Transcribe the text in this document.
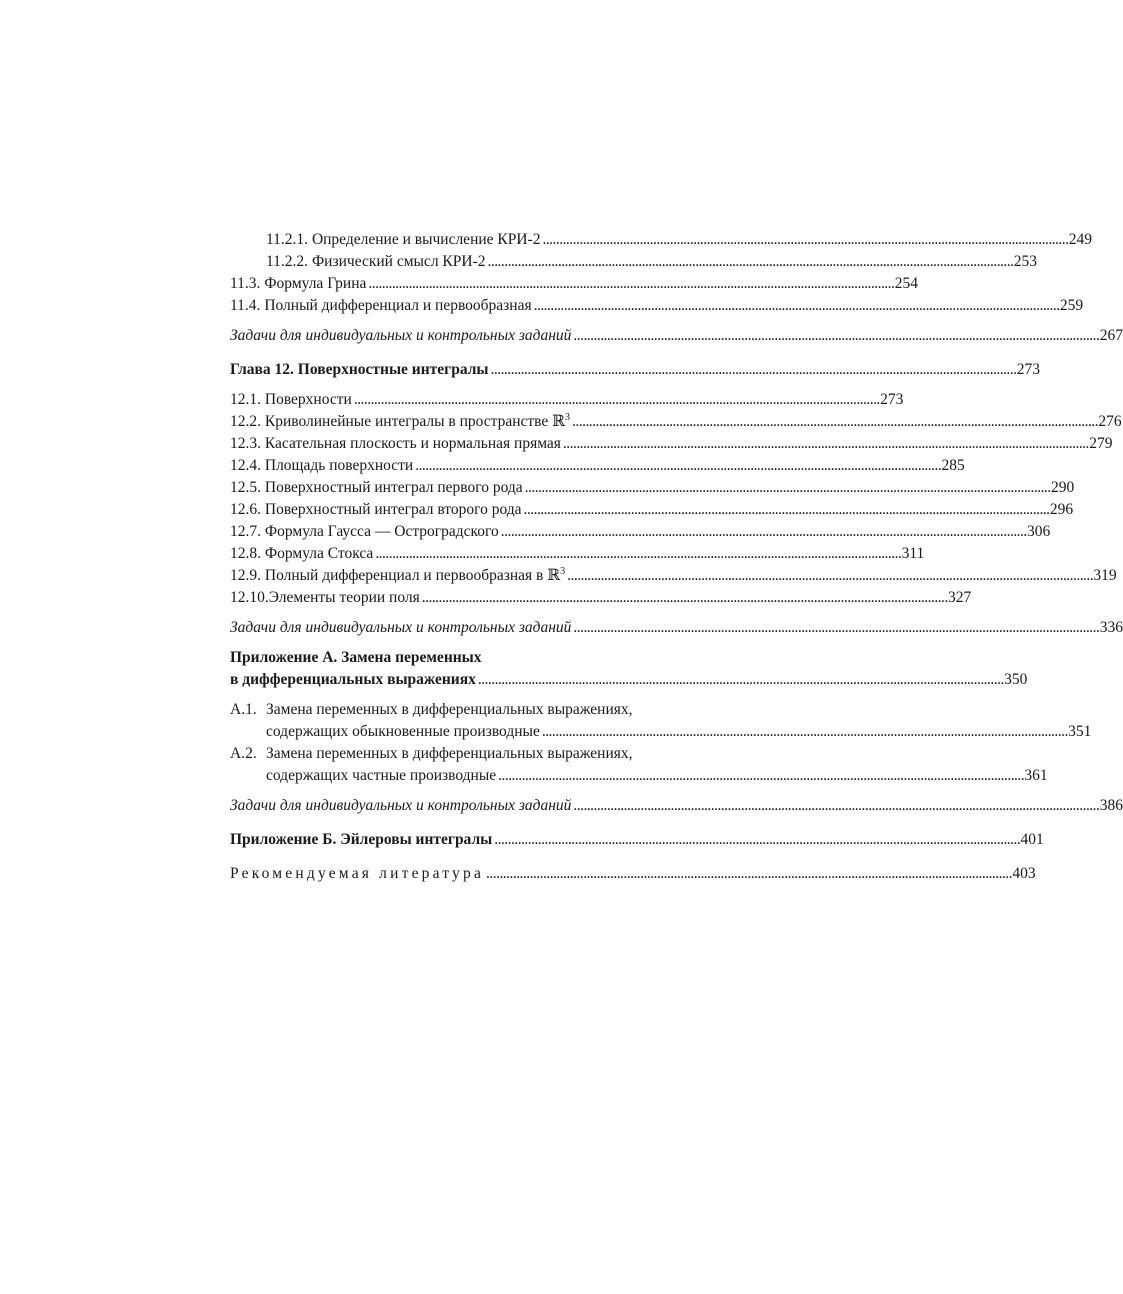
11.2.1. Определение и вычисление КРИ-2 . . .	249
11.2.2. Физический смысл КРИ-2 . . .	253
11.3. Формула Грина . . .	254
11.4. Полный дифференциал и первообразная . . .	259
Задачи для индивидуальных и контрольных заданий . . .	267
Глава 12. Поверхностные интегралы . . .	273
12.1. Поверхности . . .	273
12.2. Криволинейные интегралы в пространстве ℝ$^3$ . . .	276
12.3. Касательная плоскость и нормальная прямая . . .	279
12.4. Площадь поверхности . . .	285
12.5. Поверхностный интеграл первого рода . . .	290
12.6. Поверхностный интеграл второго рода . . .	296
12.7. Формула Гаусса — Остроградского . . .	306
12.8. Формула Стокса . . .	311
12.9. Полный дифференциал и первообразная в ℝ$^3$ . . .	319
12.10.Элементы теории поля . . .	327
Задачи для индивидуальных и контрольных заданий . . .	336
Приложение А. Замена переменных
в дифференциальных выражениях . . .	350
А.1. Замена переменных в дифференциальных выражениях,
содержащих обыкновенные производные . . .	351
А.2. Замена переменных в дифференциальных выражениях,
содержащих частные производные . . .	361
Задачи для индивидуальных и контрольных заданий . . .	386
Приложение Б. Эйлеровы интегралы . . .	401
Рекомендуемая литература . . .	403
